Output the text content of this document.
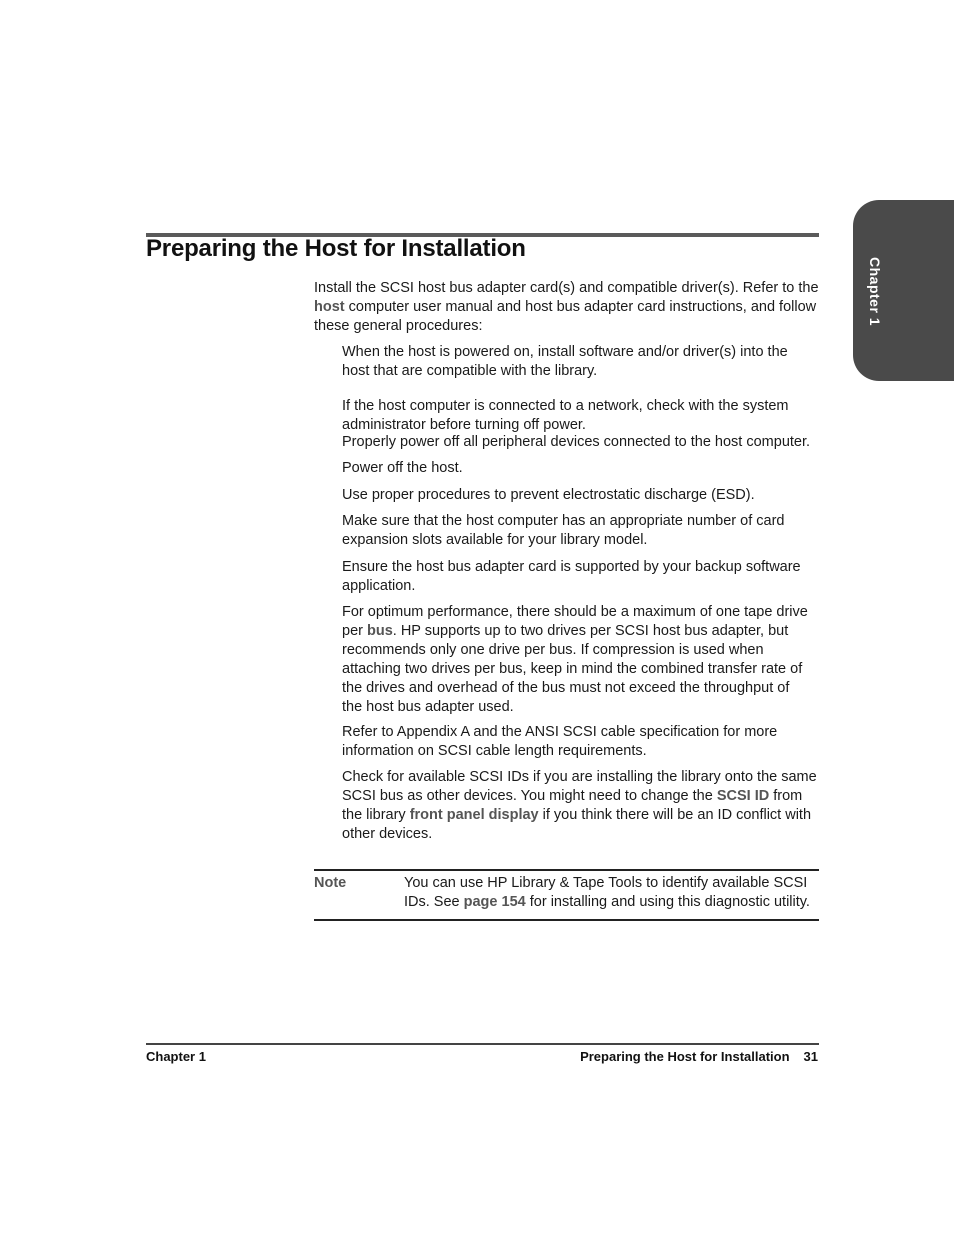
Chapter 1
Preparing the Host for Installation

Install the SCSI host bus adapter card(s) and compatible driver(s). Refer to the host computer user manual and host bus adapter card instructions, and follow these general procedures:

When the host is powered on, install software and/or driver(s) into the host that are compatible with the library.
If the host computer is connected to a network, check with the system administrator before turning off power.
Properly power off all peripheral devices connected to the host computer.
Power off the host.
Use proper procedures to prevent electrostatic discharge (ESD).
Make sure that the host computer has an appropriate number of card expansion slots available for your library model.
Ensure the host bus adapter card is supported by your backup software application.
For optimum performance, there should be a maximum of one tape drive per bus. HP supports up to two drives per SCSI host bus adapter, but recommends only one drive per bus. If compression is used when attaching two drives per bus, keep in mind the combined transfer rate of the drives and overhead of the bus must not exceed the throughput of the host bus adapter used.
Refer to Appendix A and the ANSI SCSI cable specification for more information on SCSI cable length requirements.
Check for available SCSI IDs if you are installing the library onto the same SCSI bus as other devices. You might need to change the SCSI ID from the library front panel display if you think there will be an ID conflict with other devices.
Note	You can use HP Library & Tape Tools to identify available SCSI IDs. See page 154 for installing and using this diagnostic utility.
Chapter 1	Preparing the Host for Installation 31
